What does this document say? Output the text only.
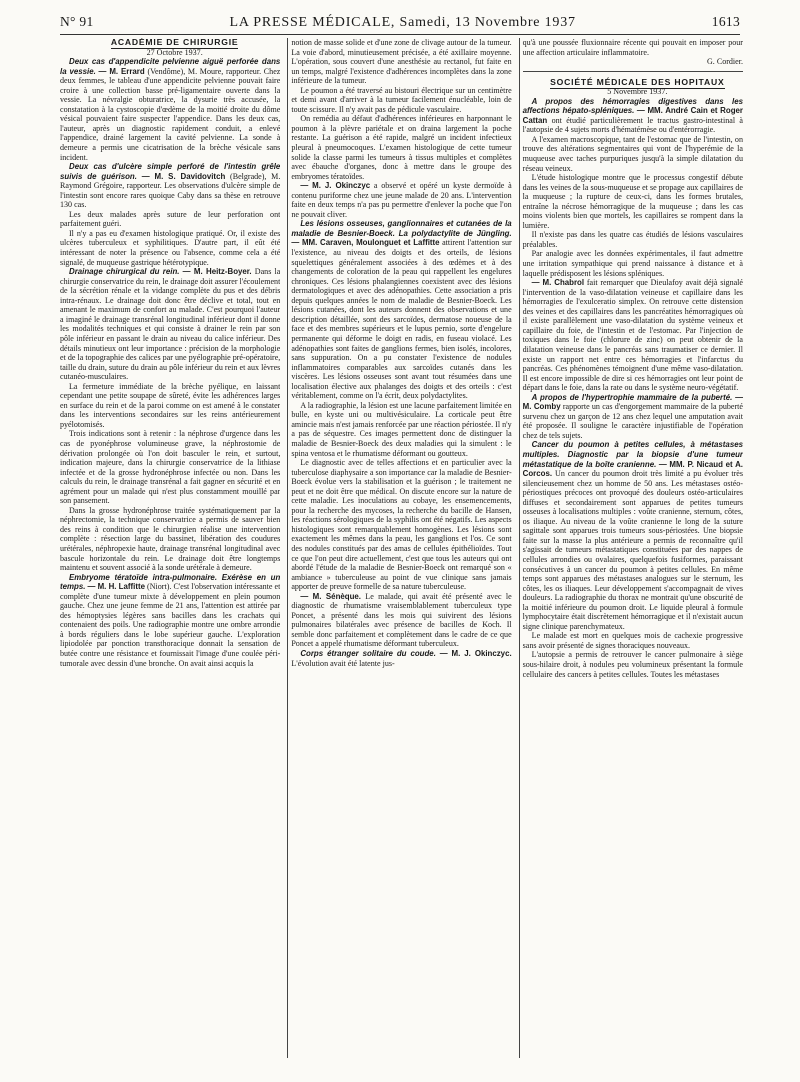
N° 91	LA PRESSE MÉDICALE, Samedi, 13 Novembre 1937	1613

ACADÉMIE DE CHIRURGIE

27 Octobre 1937.

Deux cas d'appendicite pelvienne aiguë perforée dans la vessie. — M. Errard (Vendôme), M. Moure, rapporteur. Chez deux femmes, le tableau d'une appendicite pelvienne pouvait faire croire à une collection basse pré-ligamentaire ouverte dans la vessie. La névralgie obturatrice, la dysurie très accusée, la constatation à la cystoscopie d'œdème de la moitié droite du dôme vésical pouvaient faire suspecter l'appendice. Dans les deux cas, l'auteur, après un diagnostic rapidement conduit, a enlevé l'appendice, drainé largement la cavité pelvienne. La sonde à demeure a permis une cicatrisation de la brèche vésicale sans incident.

Deux cas d'ulcère simple perforé de l'intestin grêle suivis de guérison. — M. S. Davidovitch (Belgrade), M. Raymond Grégoire, rapporteur. Les observations d'ulcère simple de l'intestin sont encore rares quoique Caby dans sa thèse en retrouve 130 cas.

Les deux malades après suture de leur perforation ont parfaitement guéri.

Il n'y a pas eu d'examen histologique pratiqué. Or, il existe des ulcères tuberculeux et syphilitiques. D'autre part, il eût été intéressant de noter la présence ou l'absence, comme cela a été signalé, de muqueuse gastrique hétérotypique.

Drainage chirurgical du rein. — M. Heitz-Boyer. Dans la chirurgie conservatrice du rein, le drainage doit assurer l'écoulement de la sécrétion rénale et la vidange complète du pus et des débris intra-rénaux. Le drainage doit donc être déclive et total, tout en amenant le maximum de confort au malade. C'est pourquoi l'auteur a imaginé le drainage transrénal longitudinal inférieur dont il donne les modalités techniques et qui consiste à drainer le rein par son pôle inférieur en passant le drain au niveau du calice inférieur. Des détails minutieux ont leur importance : précision de la morphologie et de la topographie des calices par une pyélographie pré-opératoire, taille du drain, suture du drain au pôle inférieur du rein et aux lèvres cutanéo-musculaires.

La fermeture immédiate de la brèche pyélique, en laissant cependant une petite soupape de sûreté, évite les adhérences larges en surface du rein et de la paroi comme on est amené à le constater dans les interventions secondaires sur les reins antérieurement pyélotomisés.

Trois indications sont à retenir : la néphrose d'urgence dans les cas de pyonéphrose volumineuse grave, la néphrostomie de dérivation prolongée où l'on doit basculer le rein, et surtout, indication majeure, dans la chirurgie conservatrice de la lithiase infectée et de la grosse hydronéphrose infectée ou non. Dans les calculs du rein, le drainage transrénal a fait gagner en sécurité et en agrément pour un malade qui n'est plus constamment mouillé par son pansement.

Dans la grosse hydronéphrose traitée systématiquement par la néphrectomie, la technique conservatrice a permis de sauver bien des reins à condition que le chirurgien réalise une intervention complète : résection large du bassinet, libération des coudures urétérales, néphropexie haute, drainage transrénal longitudinal avec bascule horizontale du rein. Le drainage doit être longtemps maintenu et souvent associé à la sonde urétérale à demeure.

Embryome tératoïde intra-pulmonaire. Exérèse en un temps. — M. H. Laffitte (Niort). C'est l'observation intéressante et complète d'une tumeur mixte à développement en plein poumon gauche. Chez une jeune femme de 21 ans, l'attention est attirée par des hémoptysies légères sans bacilles dans les crachats qui contenaient des poils. Une radiographie montre une ombre arrondie à bords réguliers dans le lobe supérieur gauche. L'exploration lipiodolée par ponction transthoracique donnait la sensation de butée contre une résistance et fournissait l'image d'une coulée péri-tumorale avec dessin d'une bronche. On avait ainsi acquis la

notion de masse solide et d'une zone de clivage autour de la tumeur. La voie d'abord, minutieusement précisée, a été axillaire moyenne. L'opération, sous couvert d'une anesthésie au rectanol, fut faite en un temps, malgré l'existence d'adhérences incomplètes dans la zone inférieure de la tumeur.

Le poumon a été traversé au bistouri électrique sur un centimètre et demi avant d'arriver à la tumeur facilement énucléable, loin de toute scissure. Il n'y avait pas de pédicule vasculaire.

On remédia au défaut d'adhérences inférieures en harponnant le poumon à la plèvre pariétale et on draina largement la poche restante. La guérison a été rapide, malgré un incident infectieux pleural à pneumocoques. L'examen histologique de cette tumeur solide la classe parmi les tumeurs à tissus multiples et complètes avec ébauche d'organes, donc à mettre dans le groupe des embryomes tératoïdes.

— M. J. Okinczyc a observé et opéré un kyste dermoïde à contenu puriforme chez une jeune malade de 20 ans. L'intervention faite en deux temps n'a pas pu permettre d'enlever la poche que l'on ne pouvait cliver.

Les lésions osseuses, ganglionnaires et cutanées de la maladie de Besnier-Boeck. La polydactylite de Jüngling. — MM. Caraven, Moulonguet et Laffitte attirent l'attention sur l'existence, au niveau des doigts et des orteils, de lésions squelettiques généralement associées à des œdèmes et à des changements de coloration de la peau qui rappellent les engelures chroniques. Ces lésions phalangiennes coexistent avec des lésions dermatologiques et avec des adénopathies. Cette association a pris depuis quelques années le nom de maladie de Besnier-Boeck. Les lésions cutanées, dont les auteurs donnent des observations et une description détaillée, sont des sarcoïdes, dermatose noueuse de la face et des membres supérieurs et le lupus pernio, sorte d'engelure permanente qui déforme le doigt en radis, en fuseau violacé. Les adénopathies sont faites de ganglions fermes, bien isolés, incolores, sans suppuration. On a pu constater l'existence de nodules inflammatoires comparables aux sarcoïdes cutanés dans les viscères. Les lésions osseuses sont avant tout résumées dans une localisation élective aux phalanges des doigts et des orteils : c'est véritablement, comme on l'a écrit, deux polydactylites.

A la radiographie, la lésion est une lacune parfaitement limitée en bulle, en kyste uni ou multivésiculaire. La corticale peut être amincie mais n'est jamais renforcée par une réaction périostée. Il n'y a pas de séquestre. Ces images permettent donc de distinguer la maladie de Besnier-Boeck des deux maladies qui la simulent : le spina ventosa et le rhumatisme déformant ou goutteux.

Le diagnostic avec de telles affections et en particulier avec la tuberculose diaphysaire a son importance car la maladie de Besnier-Boeck évolue vers la stabilisation et la guérison ; le traitement ne peut et ne doit être que médical. On discute encore sur la nature de cette maladie. Les inoculations au cobaye, les ensemencements, pour la recherche des mycoses, la recherche du bacille de Hansen, les réactions sérologiques de la syphilis ont été négatifs. Les aspects histologiques sont remarquablement homogènes. Les lésions sont exactement les mêmes dans la peau, les ganglions et l'os. Ce sont des nodules constitués par des amas de cellules épithélioïdes. Tout ce que l'on peut dire actuellement, c'est que tous les auteurs qui ont abordé l'étude de la maladie de Besnier-Boeck ont remarqué son « ambiance » tuberculeuse au point de vue clinique sans jamais apporter de preuve formelle de sa nature tuberculeuse.

— M. Sénèque. Le malade, qui avait été présenté avec le diagnostic de rhumatisme vraisemblablement tuberculeux type Poncet, a présenté dans les mois qui suivirent des lésions pulmonaires bilatérales avec présence de bacilles de Koch. Il semble donc parfaitement et complètement dans le cadre de ce que Poncet a appelé rhumatisme déformant tuberculeux.

Corps étranger solitaire du coude. — M. J. Okinczyc. L'évolution avait été latente jus-

qu'à une poussée fluxionnaire récente qui pouvait en imposer pour une affection articulaire inflammatoire.

G. Cordier.

SOCIÉTÉ MÉDICALE DES HOPITAUX

5 Novembre 1937.

A propos des hémorragies digestives dans les affections hépato-spléniques. — MM. André Cain et Roger Cattan ont étudié particulièrement le tractus gastro-intestinal à l'autopsie de 4 sujets morts d'hématémèse ou d'entérorragie.

A l'examen macroscopique, tant de l'estomac que de l'intestin, on trouve des altérations segmentaires qui vont de l'hyperémie de la muqueuse avec taches purpuriques jusqu'à la simple dilatation du réseau veineux.

L'étude histologique montre que le processus congestif débute dans les veines de la sous-muqueuse et se propage aux capillaires de la muqueuse ; la rupture de ceux-ci, dans les formes brutales, entraîne la nécrose hémorragique de la muqueuse ; dans les cas moins violents bien que mortels, les capillaires se rompent dans la lumière.

Il n'existe pas dans les quatre cas étudiés de lésions vasculaires préalables.

Par analogie avec les données expérimentales, il faut admettre une irritation sympathique qui prend naissance à distance et à laquelle prédisposent les lésions spléniques.

— M. Chabrol fait remarquer que Dieulafoy avait déjà signalé l'intervention de la vaso-dilatation veineuse et capillaire dans les hémorragies de l'exulceratio simplex. On retrouve cette distension des veines et des capillaires dans les pancréatites hémorragiques où il existe parallèlement une vaso-dilatation du système veineux et capillaire du foie, de l'intestin et de l'estomac. Par l'injection de toxiques dans le foie (chlorure de zinc) on peut obtenir de la dilatation veineuse dans le pancréas sans traumatiser ce dernier. Il existe un rapport net entre ces hémorragies et l'infarctus du pancréas. Ces phénomènes témoignent d'une même vaso-dilatation. Il est encore impossible de dire si ces hémorragies ont leur point de départ dans le foie, dans la rate ou dans le système neuro-végétatif.

A propos de l'hypertrophie mammaire de la puberté. — M. Comby rapporte un cas d'engorgement mammaire de la puberté survenu chez un garçon de 12 ans chez lequel une amputation avait été proposée. Il souligne le caractère injustifiable de l'opération chez de tels sujets.

Cancer du poumon à petites cellules, à métastases multiples. Diagnostic par la biopsie d'une tumeur métastatique de la boîte cranienne. — MM. P. Nicaud et A. Corcos. Un cancer du poumon droit très limité a pu évoluer très silencieusement chez un homme de 50 ans. Les métastases ostéo-périostiques précoces ont provoqué des douleurs ostéo-articulaires diffuses et secondairement sont apparues de petites tumeurs osseuses à localisations multiples : voûte cranienne, sternum, côtes, os iliaque. Au niveau de la voûte cranienne le long de la suture sagittale sont apparues trois tumeurs sous-périostées. Une biopsie faite sur la masse la plus antérieure a permis de reconnaître qu'il s'agissait de tumeurs métastatiques constituées par des nappes de cellules arrondies ou ovalaires, quelquefois fusiformes, paraissant consécutives à un cancer du poumon à petites cellules. En même temps sont apparues des métastases analogues sur le sternum, les côtes, les os iliaques. Leur développement s'accompagnait de vives douleurs. La radiographie du thorax ne montrait qu'une obscurité de la moitié inférieure du poumon droit. Le liquide pleural à formule lymphocytaire était discrètement hémorragique et il n'existait aucun signe clinique parenchymateux.

Le malade est mort en quelques mois de cachexie progressive sans avoir présenté de signes thoraciques nouveaux.

L'autopsie a permis de retrouver le cancer pulmonaire à siège sous-hilaire droit, à nodules peu volumineux présentant la formule cellulaire des cancers à petites cellules. Toutes les métastases
